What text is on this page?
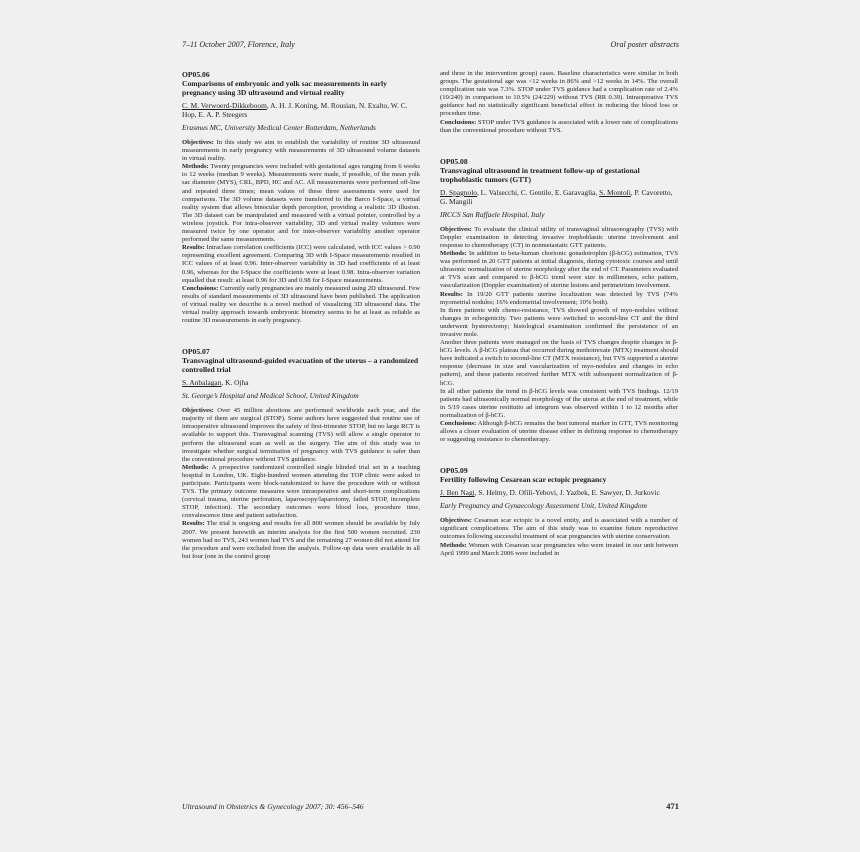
7–11 October 2007, Florence, Italy	Oral poster abstracts
OP05.06
Comparisons of embryonic and yolk sac measurements in early pregnancy using 3D ultrasound and virtual reality
C. M. Verwoerd-Dikkeboom, A. H. J. Koning, M. Rousian, N. Exalto, W. C. Hop, E. A. P. Steegers
Erasmus MC, University Medical Center Rotterdam, Netherlands

Objectives: In this study we aim to establish the variability of routine 3D ultrasound measurements in early pregnancy with measurements of 3D ultrasound volume datasets in virtual reality.

Methods: Twenty pregnancies were included with gestational ages ranging from 6 weeks to 12 weeks (median 9 weeks). Measurements were made, if possible, of the mean yolk sac diameter (MYS), CRL, BPD, HC and AC. All measurements were performed off-line and repeated three times; mean values of these three assessments were used for comparisons. The 3D volume datasets were transferred to the Barco I-Space, a virtual reality system that allows binocular depth perception, providing a realistic 3D illusion. The 3D dataset can be manipulated and measured with a virtual pointer, controlled by a wireless joystick. For intra-observer variability, 3D and virtual reality volumes were measured twice by one operator and for inter-observer variability another operator performed the same measurements.

Results: Intraclass correlation coefficients (ICC) were calculated, with ICC values > 0.90 representing excellent agreement. Comparing 3D with I-Space measurements resulted in ICC values of at least 0.96. Inter-observer variability in 3D had coefficients of at least 0.96, whereas for the I-Space the coefficients were at least 0.98. Intra-observer variation equalled that result: at least 0.96 for 3D and 0.98 for I-Space measurements.

Conclusions: Currently early pregnancies are mainly measured using 2D ultrasound. Few results of standard measurements of 3D ultrasound have been published. The application of virtual reality we describe is a novel method of visualizing 3D ultrasound data. The virtual reality approach towards embryonic biometry seems to be at least as reliable as routine 3D measurements in early pregnancy.

OP05.07
Transvaginal ultrasound-guided evacuation of the uterus – a randomized controlled trial
S. Anbalagan, K. Ojha
St. George’s Hospital and Medical School, United Kingdom

Objectives: Over 45 million abortions are performed worldwide each year, and the majority of them are surgical (STOP). Some authors have suggested that routine use of intraoperative ultrasound improves the safety of first-trimester STOP, but no large RCT is available to support this. Transvaginal scanning (TVS) will allow a single operator to perform the ultrasound scan as well as the surgery. The aim of this study was to investigate whether surgical termination of pregnancy with TVS guidance is safer than the conventional procedure without TVS guidance.

Methods: A prospective randomized controlled single blinded trial set in a teaching hospital in London, UK. Eight-hundred women attending the TOP clinic were asked to participate. Participants were block-randomized to have the procedure with or without TVS. The primary outcome measures were intraoperative and short-term complications (cervical trauma, uterine perforation, laparoscopy/laparotomy, failed STOP, incomplete STOP, infection). The secondary outcomes were blood loss, procedure time, convalescence time and patient satisfaction.

Results: The trial is ongoing and results for all 800 women should be available by July 2007. We present herewith an interim analysis for the first 500 women recruited. 230 women had no TVS, 243 women had TVS and the remaining 27 women did not attend for the procedure and were excluded from the analysis. Follow-up data were available in all but four (one in the control group

and three in the intervention group) cases. Baseline characteristics were similar in both groups. The gestational age was <12 weeks in 86% and >12 weeks in 14%. The overall complication rate was 7.3%. STOP under TVS guidance had a complication rate of 2.4% (10/240) in comparison to 10.5% (24/229) without TVS (RR 0.39). Intraoperative TVS guidance had no statistically significant beneficial effect in reducing the blood loss or procedure time.

Conclusions: STOP under TVS guidance is associated with a lower rate of complications than the conventional procedure without TVS.

OP05.08
Transvaginal ultrasound in treatment follow-up of gestational trophoblastic tumors (GTT)
D. Spagnolo, L. Valsecchi, C. Gentile, E. Garavaglia, S. Montoli, P. Cavoretto, G. Mangili
IRCCS San Raffaele Hospital, Italy

Objectives: To evaluate the clinical utility of transvaginal ultrasonography (TVS) with Doppler examination in detecting invasive trophoblastic uterine involvement and response to chemotherapy (CT) in nonmetastatic GTT patients.

Methods: In addition to beta-human chorionic gonadotrophin (β-hCG) estimation, TVS was performed in 20 GTT patients at initial diagnosis, during cytotoxic courses and until ultrasonic normalization of uterine morphology after the end of CT. Parameters evaluated at TVS scan and compared to β-hCG trend were size in millimeters, echo pattern, vascularization (Doppler examination) of uterine lesions and perimetrium involvement.

Results: In 19/20 GTT patients uterine localization was detected by TVS (74% myometrial nodules; 16% endometrial involvement; 10% both).

In three patients with chemo-resistance, TVS showed growth of myo-nodules without changes in echogenicity. Two patients were switched to second-line CT and the third underwent hysterectomy; histological examination confirmed the persistence of an invasive mole.

Another three patients were managed on the basis of TVS changes despite changes in β-hCG levels. A β-hCG plateau that occurred during methotrexate (MTX) treatment should have indicated a switch to second-line CT (MTX resistance), but TVS supported a uterine response (decrease in size and vascularization of myo-nodules and changes in echo pattern), and these patients received further MTX with subsequent normalization of β-hCG.

In all other patients the trend in β-hCG levels was consistent with TVS findings. 12/19 patients had ultrasonically normal morphology of the uterus at the end of treatment, while in 5/19 cases uterine restitutio ad integrum was observed within 1 to 12 months after normalization of β-hCG.

Conclusions: Although β-hCG remains the best tumoral marker in GTT, TVS monitoring allows a closer evaluation of uterine disease either in defining response to chemotherapy or suggesting resistance to chemotherapy.

OP05.09
Fertility following Cesarean scar ectopic pregnancy
J. Ben Nagi, S. Helmy, D. Ofili-Yebovi, J. Yazbek, E. Sawyer, D. Jurkovic
Early Pregnancy and Gynaecology Assessment Unit, United Kingdom

Objectives: Cesarean scar ectopic is a novel entity, and is associated with a number of significant complications. The aim of this study was to examine future reproductive outcomes following successful treatment of scar pregnancies with uterine conservation.

Methods: Women with Cesarean scar pregnancies who were treated in our unit between April 1999 and March 2006 were included in

Ultrasound in Obstetrics & Gynecology 2007; 30: 456–546	471
